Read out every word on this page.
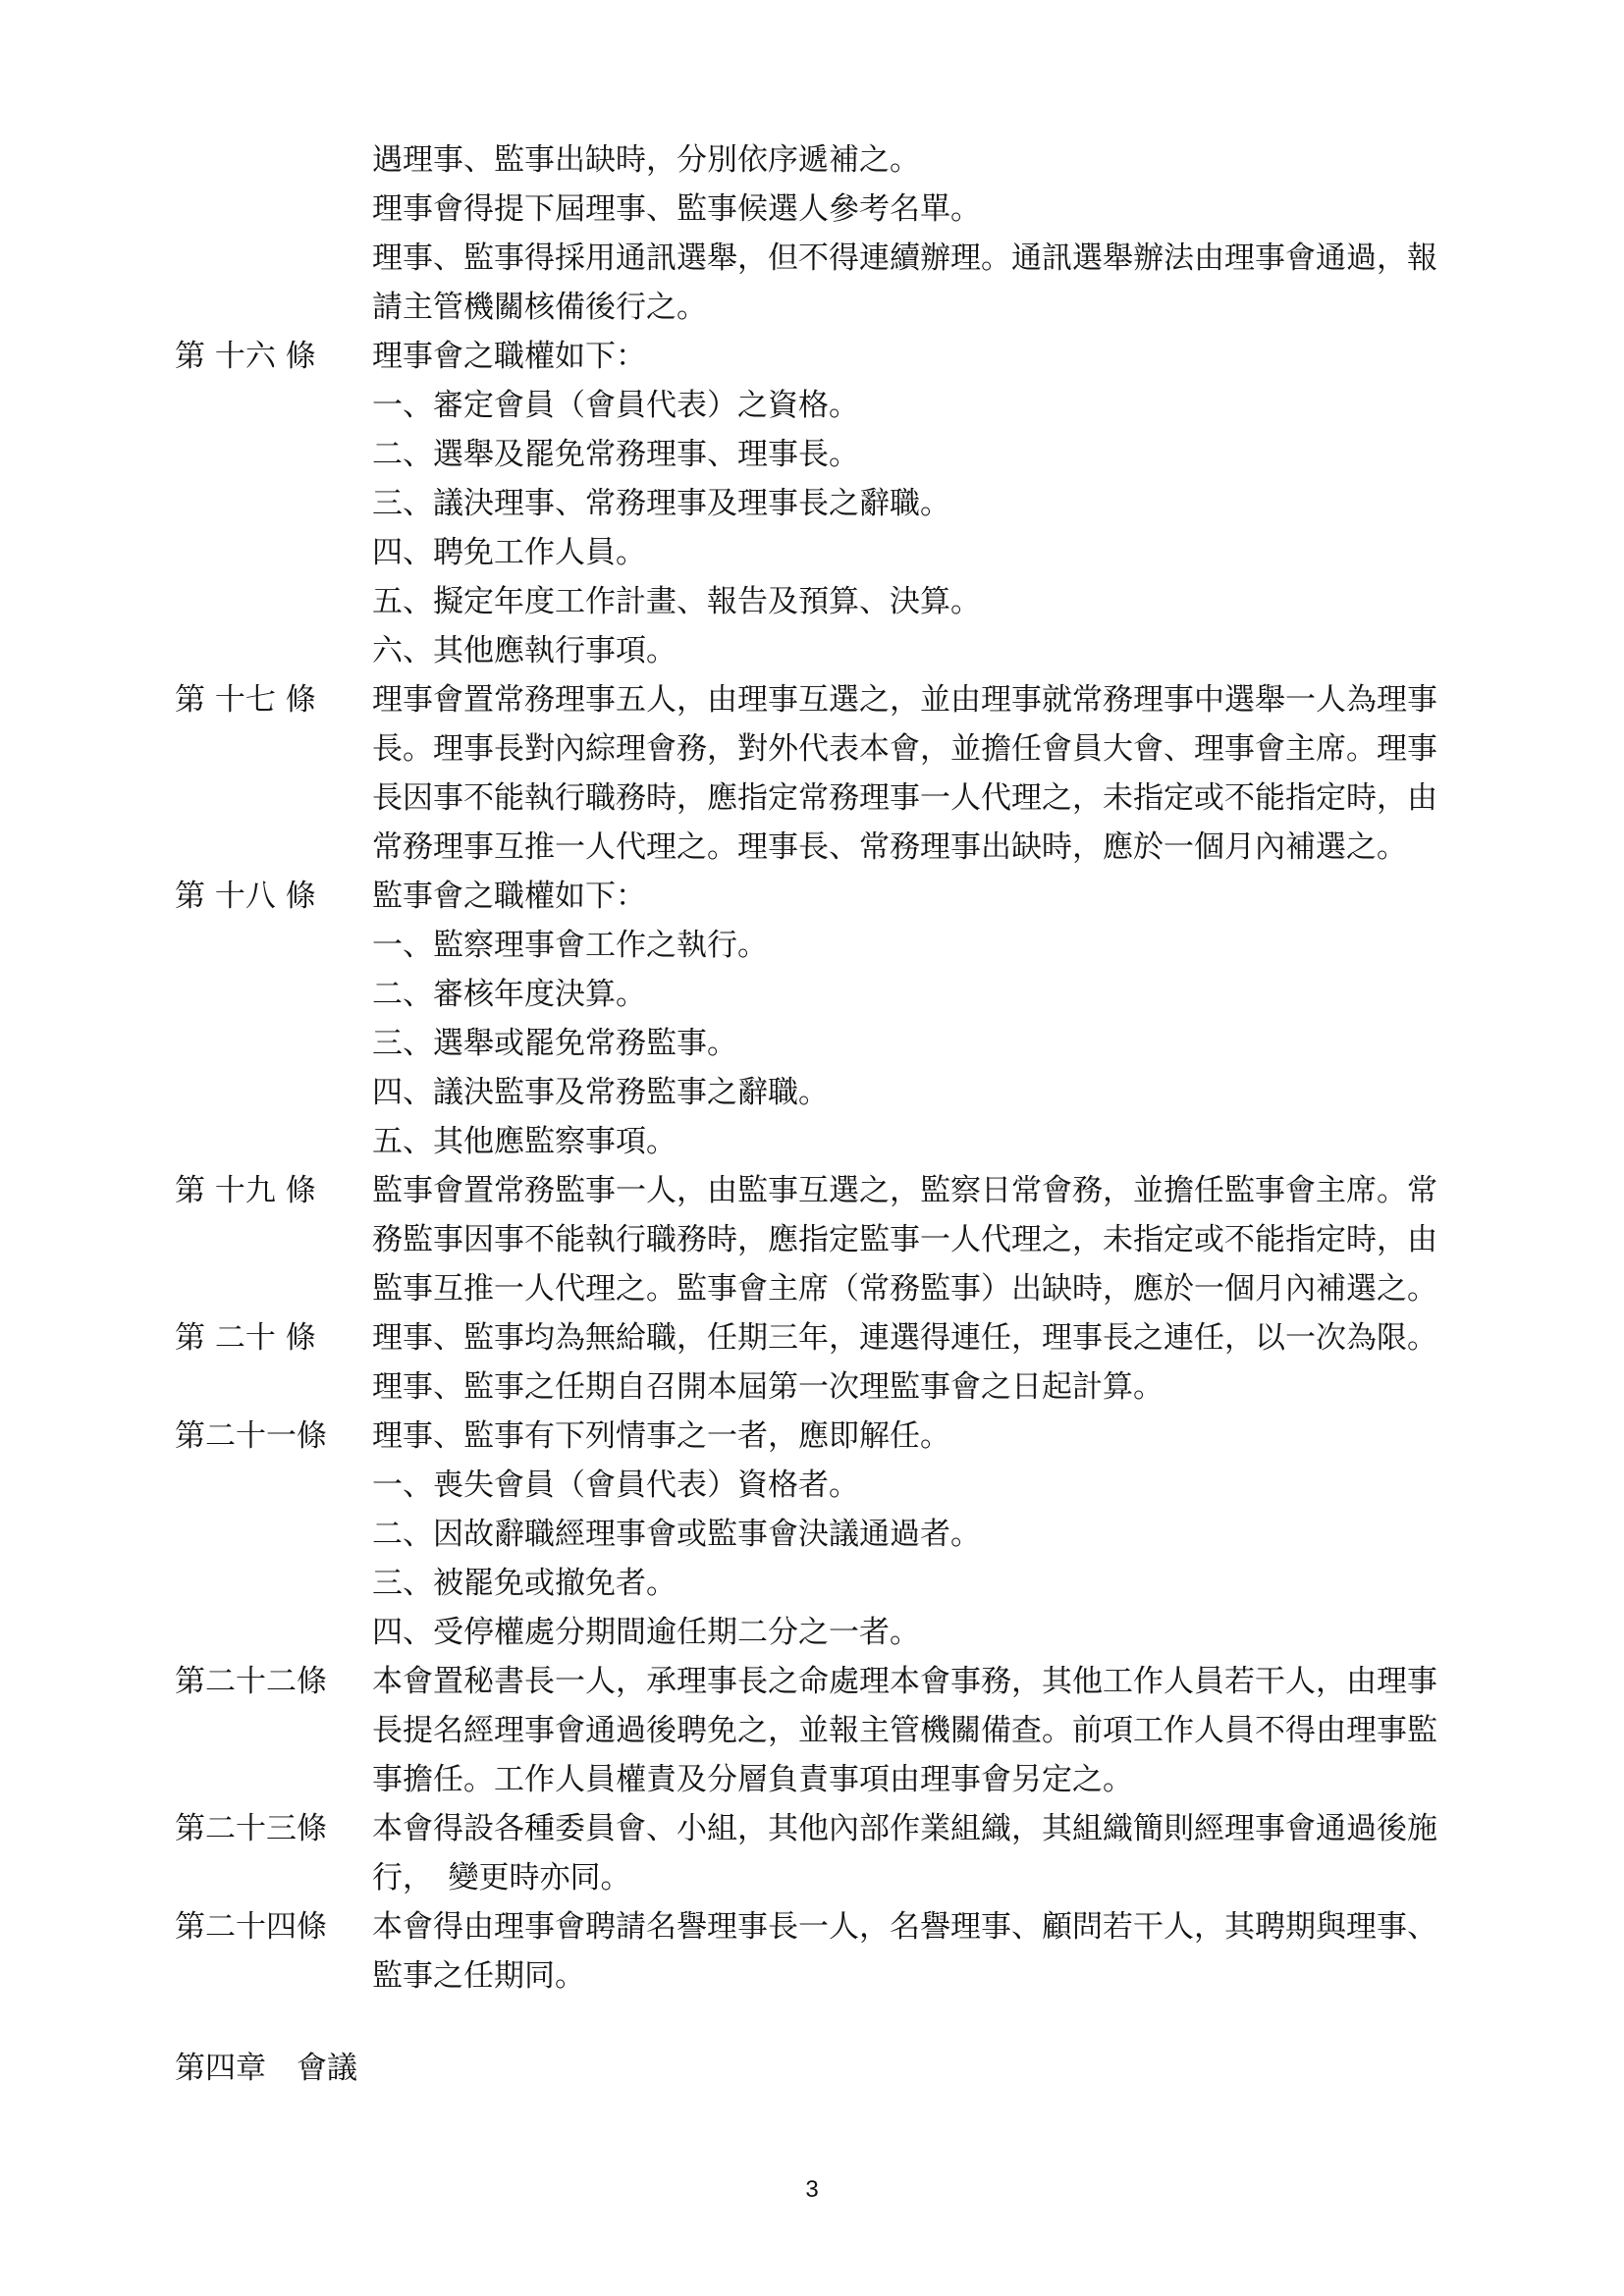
遇理事、監事出缺時，分別依序遞補之。
理事會得提下屆理事、監事候選人參考名單。
理事、監事得採用通訊選舉，但不得連續辦理。通訊選舉辦法由理事會通過，報
請主管機關核備後行之。
第 十六 條	理事會之職權如下：
一、審定會員（會員代表）之資格。
二、選舉及罷免常務理事、理事長。
三、議決理事、常務理事及理事長之辭職。
四、聘免工作人員。
五、擬定年度工作計畫、報告及預算、決算。
六、其他應執行事項。
第 十七 條	理事會置常務理事五人，由理事互選之，並由理事就常務理事中選舉一人為理事
長。理事長對內綜理會務，對外代表本會，並擔任會員大會、理事會主席。理事
長因事不能執行職務時，應指定常務理事一人代理之，未指定或不能指定時，由
常務理事互推一人代理之。理事長、常務理事出缺時，應於一個月內補選之。
第 十八 條	監事會之職權如下：
一、監察理事會工作之執行。
二、審核年度決算。
三、選舉或罷免常務監事。
四、議決監事及常務監事之辭職。
五、其他應監察事項。
第 十九 條	監事會置常務監事一人，由監事互選之，監察日常會務，並擔任監事會主席。常
務監事因事不能執行職務時，應指定監事一人代理之，未指定或不能指定時，由
監事互推一人代理之。監事會主席（常務監事）出缺時，應於一個月內補選之。
第 二十 條	理事、監事均為無給職，任期三年，連選得連任，理事長之連任，以一次為限。
理事、監事之任期自召開本屆第一次理監事會之日起計算。
第二十一條	理事、監事有下列情事之一者，應即解任。
一、喪失會員（會員代表）資格者。
二、因故辭職經理事會或監事會決議通過者。
三、被罷免或撤免者。
四、受停權處分期間逾任期二分之一者。
第二十二條	本會置秘書長一人，承理事長之命處理本會事務，其他工作人員若干人，由理事
長提名經理事會通過後聘免之，並報主管機關備查。前項工作人員不得由理事監
事擔任。工作人員權責及分層負責事項由理事會另定之。
第二十三條	本會得設各種委員會、小組，其他內部作業組織，其組織簡則經理事會通過後施
行，　變更時亦同。
第二十四條	本會得由理事會聘請名譽理事長一人，名譽理事、顧問若干人，其聘期與理事、
監事之任期同。
第四章　會議
3
